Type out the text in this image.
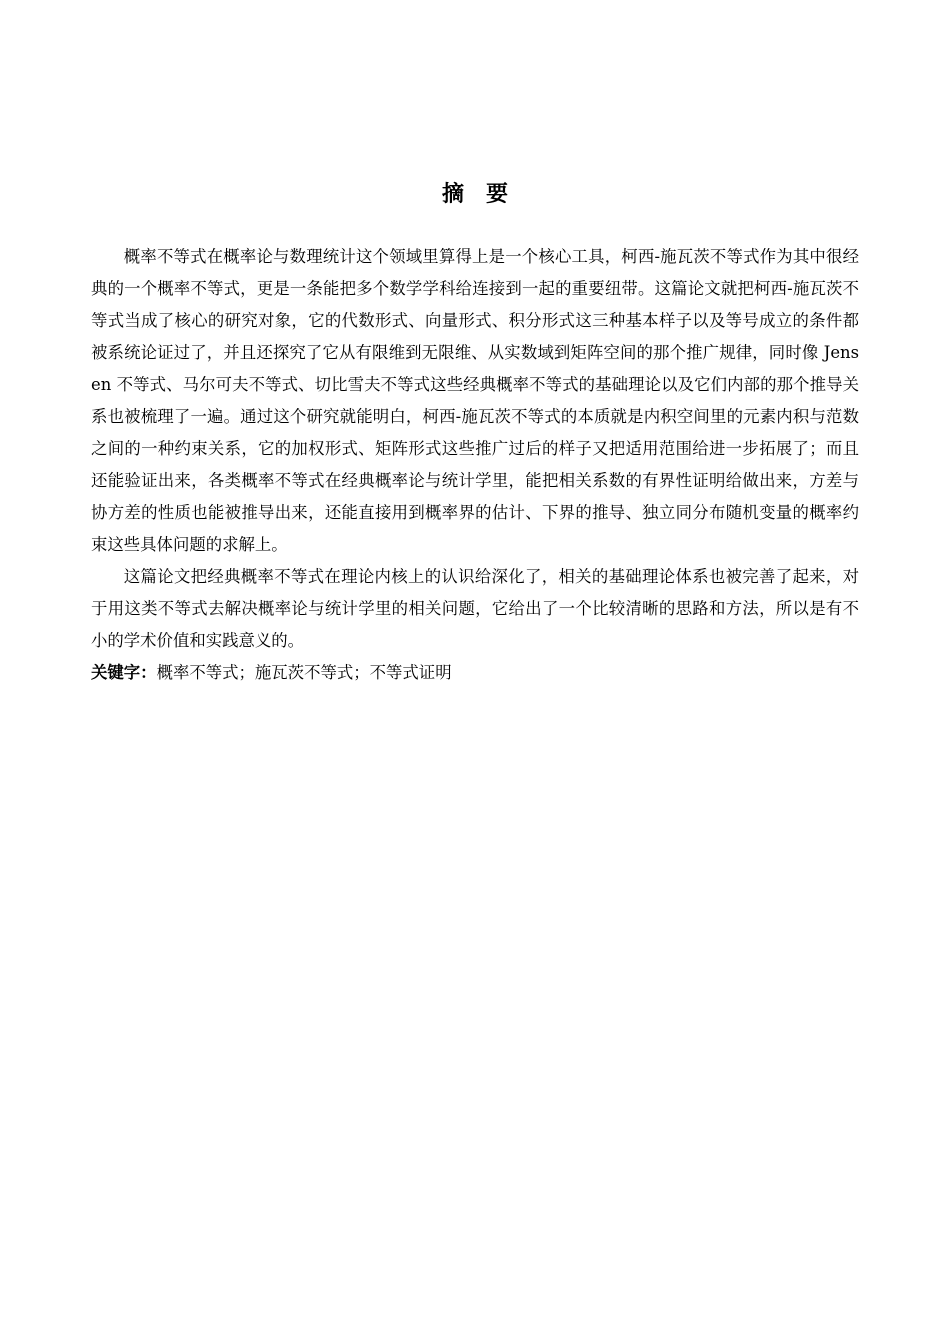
摘 要

概率不等式在概率论与数理统计这个领域里算得上是一个核心工具，柯西-施瓦茨不等式作为其中很经典的一个概率不等式，更是一条能把多个数学学科给连接到一起的重要纽带。这篇论文就把柯西-施瓦茨不等式当成了核心的研究对象，它的代数形式、向量形式、积分形式这三种基本样子以及等号成立的条件都被系统论证过了，并且还探究了它从有限维到无限维、从实数域到矩阵空间的那个推广规律，同时像 Jensen 不等式、马尔可夫不等式、切比雪夫不等式这些经典概率不等式的基础理论以及它们内部的那个推导关系也被梳理了一遍。通过这个研究就能明白，柯西-施瓦茨不等式的本质就是内积空间里的元素内积与范数之间的一种约束关系，它的加权形式、矩阵形式这些推广过后的样子又把适用范围给进一步拓展了；而且还能验证出来，各类概率不等式在经典概率论与统计学里，能把相关系数的有界性证明给做出来，方差与协方差的性质也能被推导出来，还能直接用到概率界的估计、下界的推导、独立同分布随机变量的概率约束这些具体问题的求解上。

这篇论文把经典概率不等式在理论内核上的认识给深化了，相关的基础理论体系也被完善了起来，对于用这类不等式去解决概率论与统计学里的相关问题，它给出了一个比较清晰的思路和方法，所以是有不小的学术价值和实践意义的。

关键字：概率不等式；施瓦茨不等式；不等式证明
